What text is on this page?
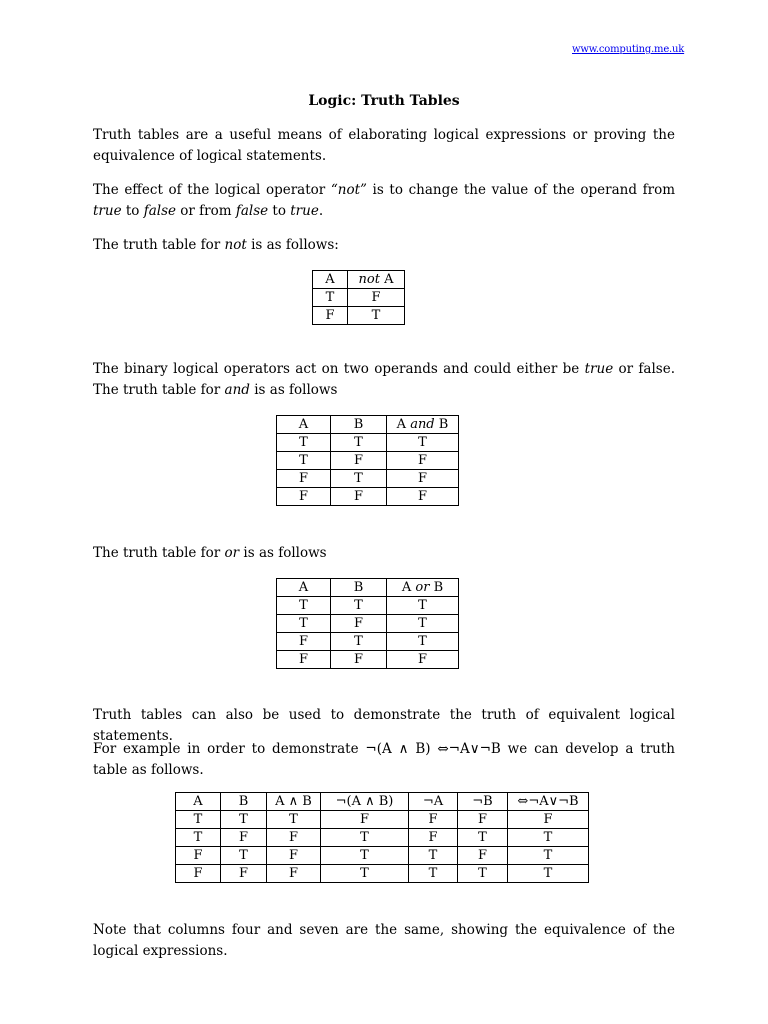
www.computing.me.uk
Logic: Truth Tables
Truth tables are a useful means of elaborating logical expressions or proving the equivalence of logical statements.
The effect of the logical operator “not” is to change the value of the operand from true to false or from false to true.
The truth table for not is as follows:
A	not A
T	F
F	T
The binary logical operators act on two operands and could either be true or false. The truth table for and is as follows
A	B	A and B
T	T	T
T	F	F
F	T	F
F	F	F
The truth table for or is as follows
A	B	A or B
T	T	T
T	F	T
F	T	T
F	F	F
Truth tables can also be used to demonstrate the truth of equivalent logical statements.
For example in order to demonstrate ¬(A ∧ B) ⇔¬A∨¬B we can develop a truth table as follows.
A	B	A ∧ B	¬(A ∧ B)	¬A	¬B	⇔¬A∨¬B
T	T	T	F	F	F	F
T	F	F	T	F	T	T
F	T	F	T	T	F	T
F	F	F	T	T	T	T
Note that columns four and seven are the same, showing the equivalence of the logical expressions.
